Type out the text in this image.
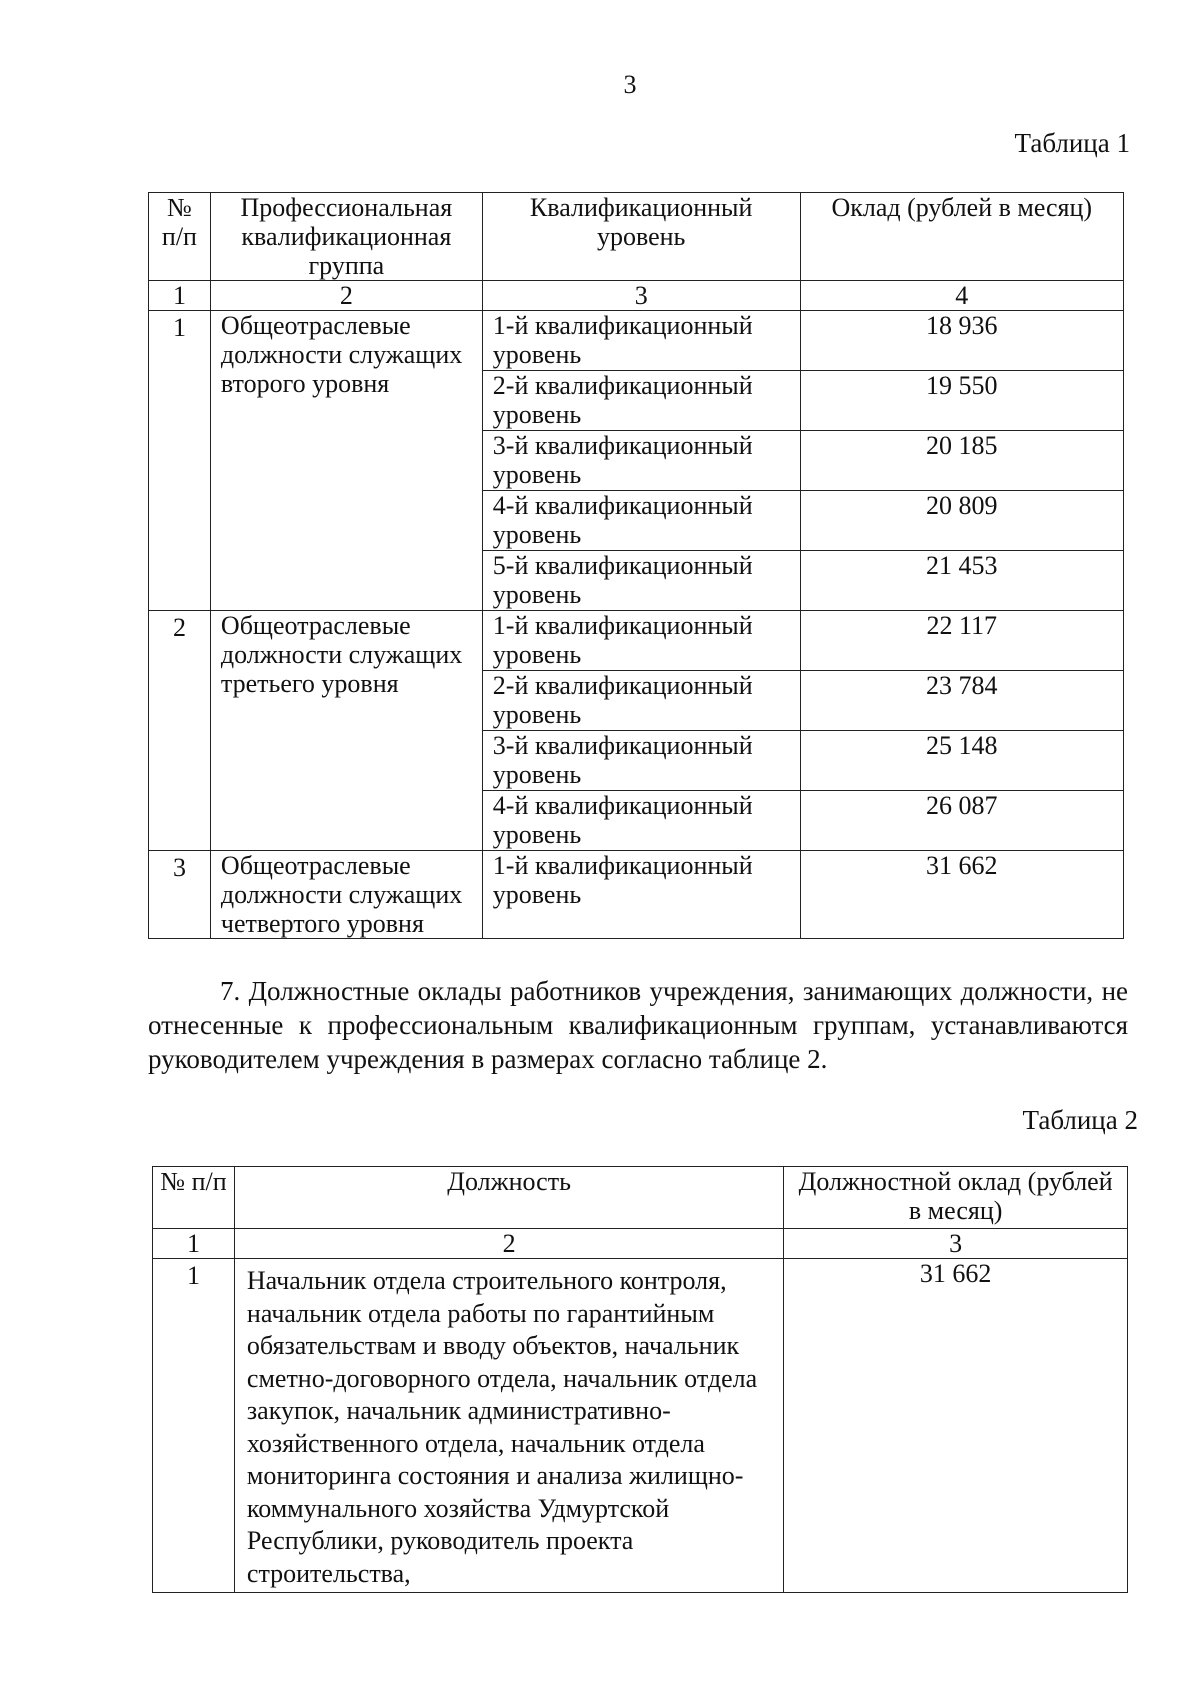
3
Таблица 1
№ п/п	Профессиональная квалификационная группа	Квалификационный уровень	Оклад (рублей в месяц)
1	2	3	4
1	Общеотраслевые должности служащих второго уровня	1-й квалификационный уровень	18 936
		2-й квалификационный уровень	19 550
		3-й квалификационный уровень	20 185
		4-й квалификационный уровень	20 809
		5-й квалификационный уровень	21 453
2	Общеотраслевые должности служащих третьего уровня	1-й квалификационный уровень	22 117
		2-й квалификационный уровень	23 784
		3-й квалификационный уровень	25 148
		4-й квалификационный уровень	26 087
3	Общеотраслевые должности служащих четвертого уровня	1-й квалификационный уровень	31 662

7. Должностные оклады работников учреждения, занимающих должности, не отнесенные к профессиональным квалификационным группам, устанавливаются руководителем учреждения в размерах согласно таблице 2.

Таблица 2
№ п/п	Должность	Должностной оклад (рублей в месяц)
1	2	3
1	Начальник отдела строительного контроля, начальник отдела работы по гарантийным обязательствам и вводу объектов, начальник сметно-договорного отдела, начальник отдела закупок, начальник административно-хозяйственного отдела, начальник отдела мониторинга состояния и анализа жилищно-коммунального хозяйства Удмуртской Республики, руководитель проекта строительства,	31 662
